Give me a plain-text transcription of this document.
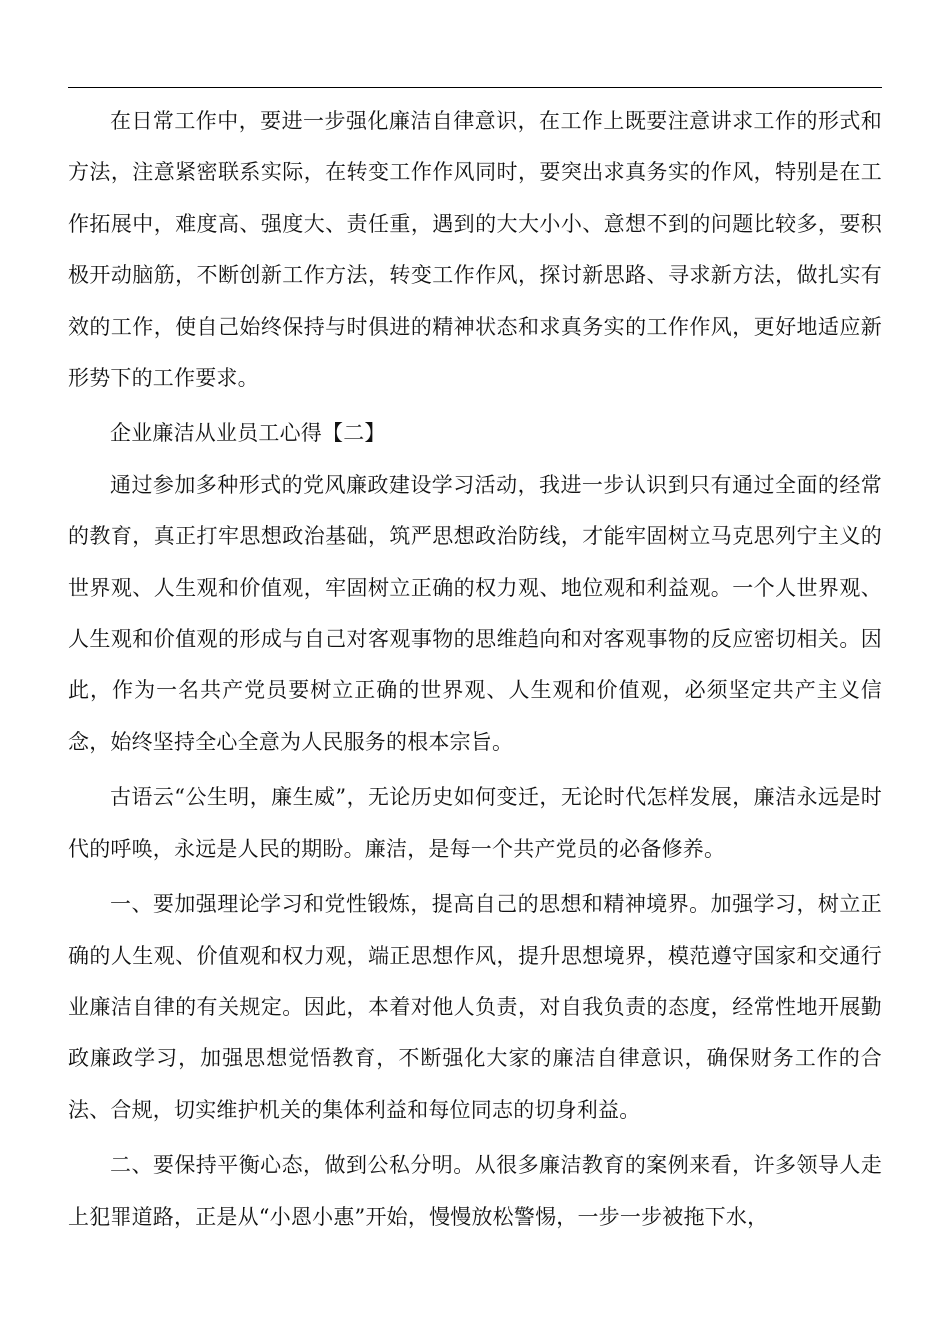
在日常工作中，要进一步强化廉洁自律意识，在工作上既要注意讲求工作的形式和方法，注意紧密联系实际，在转变工作作风同时，要突出求真务实的作风，特别是在工作拓展中，难度高、强度大、责任重，遇到的大大小小、意想不到的问题比较多，要积极开动脑筋，不断创新工作方法，转变工作作风，探讨新思路、寻求新方法，做扎实有效的工作，使自己始终保持与时俱进的精神状态和求真务实的工作作风，更好地适应新形势下的工作要求。

企业廉洁从业员工心得【二】

通过参加多种形式的党风廉政建设学习活动，我进一步认识到只有通过全面的经常的教育，真正打牢思想政治基础，筑严思想政治防线，才能牢固树立马克思列宁主义的世界观、人生观和价值观，牢固树立正确的权力观、地位观和利益观。一个人世界观、人生观和价值观的形成与自己对客观事物的思维趋向和对客观事物的反应密切相关。因此，作为一名共产党员要树立正确的世界观、人生观和价值观，必须坚定共产主义信念，始终坚持全心全意为人民服务的根本宗旨。

古语云“公生明，廉生威”，无论历史如何变迁，无论时代怎样发展，廉洁永远是时代的呼唤，永远是人民的期盼。廉洁，是每一个共产党员的必备修养。

一、要加强理论学习和党性锻炼，提高自己的思想和精神境界。加强学习，树立正确的人生观、价值观和权力观，端正思想作风，提升思想境界，模范遵守国家和交通行业廉洁自律的有关规定。因此，本着对他人负责，对自我负责的态度，经常性地开展勤政廉政学习，加强思想觉悟教育，不断强化大家的廉洁自律意识，确保财务工作的合法、合规，切实维护机关的集体利益和每位同志的切身利益。

二、要保持平衡心态，做到公私分明。从很多廉洁教育的案例来看，许多领导人走上犯罪道路，正是从“小恩小惠”开始，慢慢放松警惕，一步一步被拖下水，
